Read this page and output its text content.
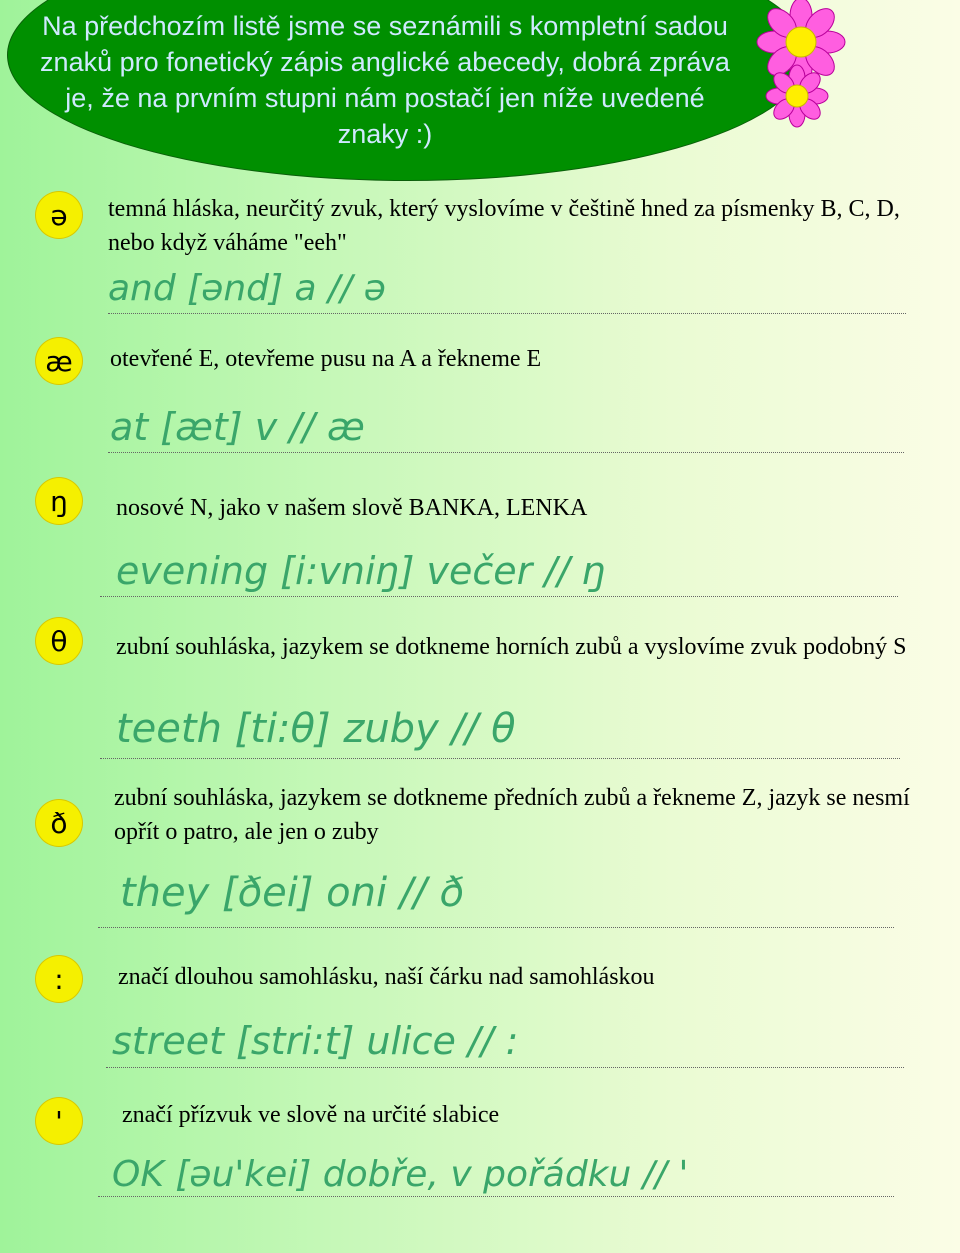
Na předchozím listě jsme se seznámili s kompletní sadou znaků pro fonetický zápis anglické abecedy, dobrá zpráva je, že na prvním stupni nám postačí jen níže uvedené znaky :)
ə	temná hláska, neurčitý zvuk, který vyslovíme v češtině hned za písmenky B, C, D, nebo když váháme "eeh"
and [ənd] a // ə
æ	otevřené E, otevřeme pusu na A a řekneme E
at [æt] v // æ
ŋ	nosové N, jako v našem slově BANKA, LENKA
evening [i:vniŋ] večer // ŋ
θ	zubní souhláska, jazykem se dotkneme horních zubů a vyslovíme zvuk podobný S
teeth [ti:θ] zuby // θ
ð
zubní souhláska, jazykem se dotkneme předních zubů a řekneme Z, jazyk se nesmí opřít o patro, ale jen o zuby
they [ðei] oni // ð
:	značí dlouhou samohlásku, naší čárku nad samohláskou
street [stri:t] ulice // :
'	značí přízvuk ve slově na určité slabice
OK [əu'kei] dobře, v pořádku // '
